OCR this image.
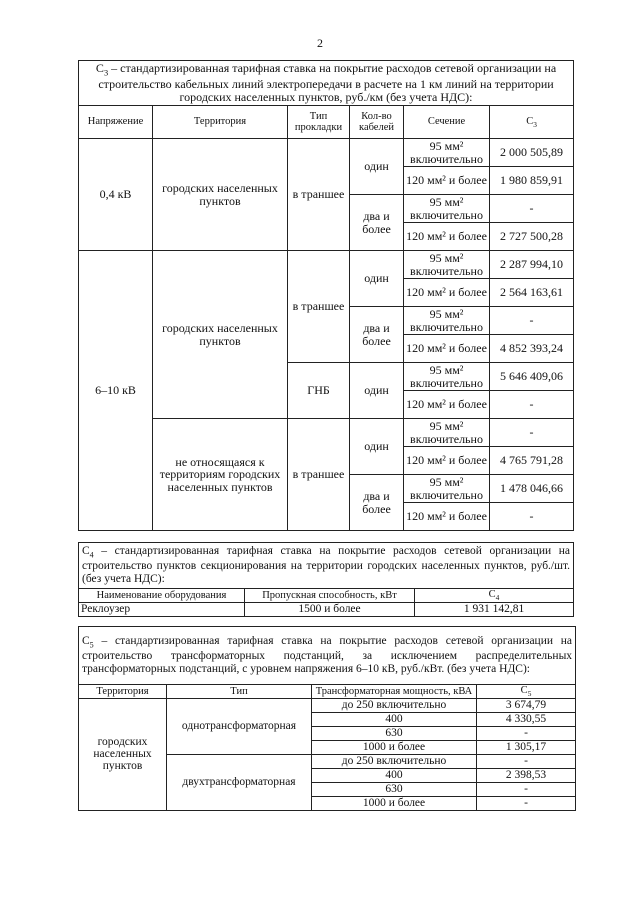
2
$С_3$ – стандартизированная тарифная ставка на покрытие расходов сетевой организации на строительство кабельных линий электропередачи в расчете на 1 км линий на территории городских населенных пунктов, руб./км (без учета НДС):					
Напряжение	Территория	Тип прокладки	Кол-во кабелей	Сечение	$С_3$
0,4 кВ	городских населенных пунктов	в траншее	один	95 мм² включительно	2 000 505,89
				120 мм² и более	1 980 859,91
			два и более	95 мм² включительно	-
				120 мм² и более	2 727 500,28
6–10 кВ	городских населенных пунктов	в траншее	один	95 мм² включительно	2 287 994,10
				120 мм² и более	2 564 163,61
			два и более	95 мм² включительно	-
				120 мм² и более	4 852 393,24
		ГНБ	один	95 мм² включительно	5 646 409,06
				120 мм² и более	-
	не относящаяся к территориям городских населенных пунктов	в траншее	один	95 мм² включительно	-
				120 мм² и более	4 765 791,28
			два и более	95 мм² включительно	1 478 046,66
				120 мм² и более	-
$С_4$ – стандартизированная тарифная ставка на покрытие расходов сетевой организации на строительство пунктов секционирования на территории городских населенных пунктов, руб./шт. (без учета НДС):		
Наименование оборудования	Пропускная способность, кВт	$С_4$
Реклоузер	1500 и более	1 931 142,81
$С_5$ – стандартизированная тарифная ставка на покрытие расходов сетевой организации на строительство трансформаторных подстанций, за исключением распределительных трансформаторных подстанций, с уровнем напряжения 6–10 кВ, руб./кВт. (без учета НДС):			
Территория	Тип	Трансформаторная мощность, кВА	$С_5$
городских населенных пунктов	однотрансформаторная	до 250 включительно	3 674,79
		400	4 330,55
		630	-
		1000 и более	1 305,17
	двухтрансформаторная	до 250 включительно	-
		400	2 398,53
		630	-
		1000 и более	-
